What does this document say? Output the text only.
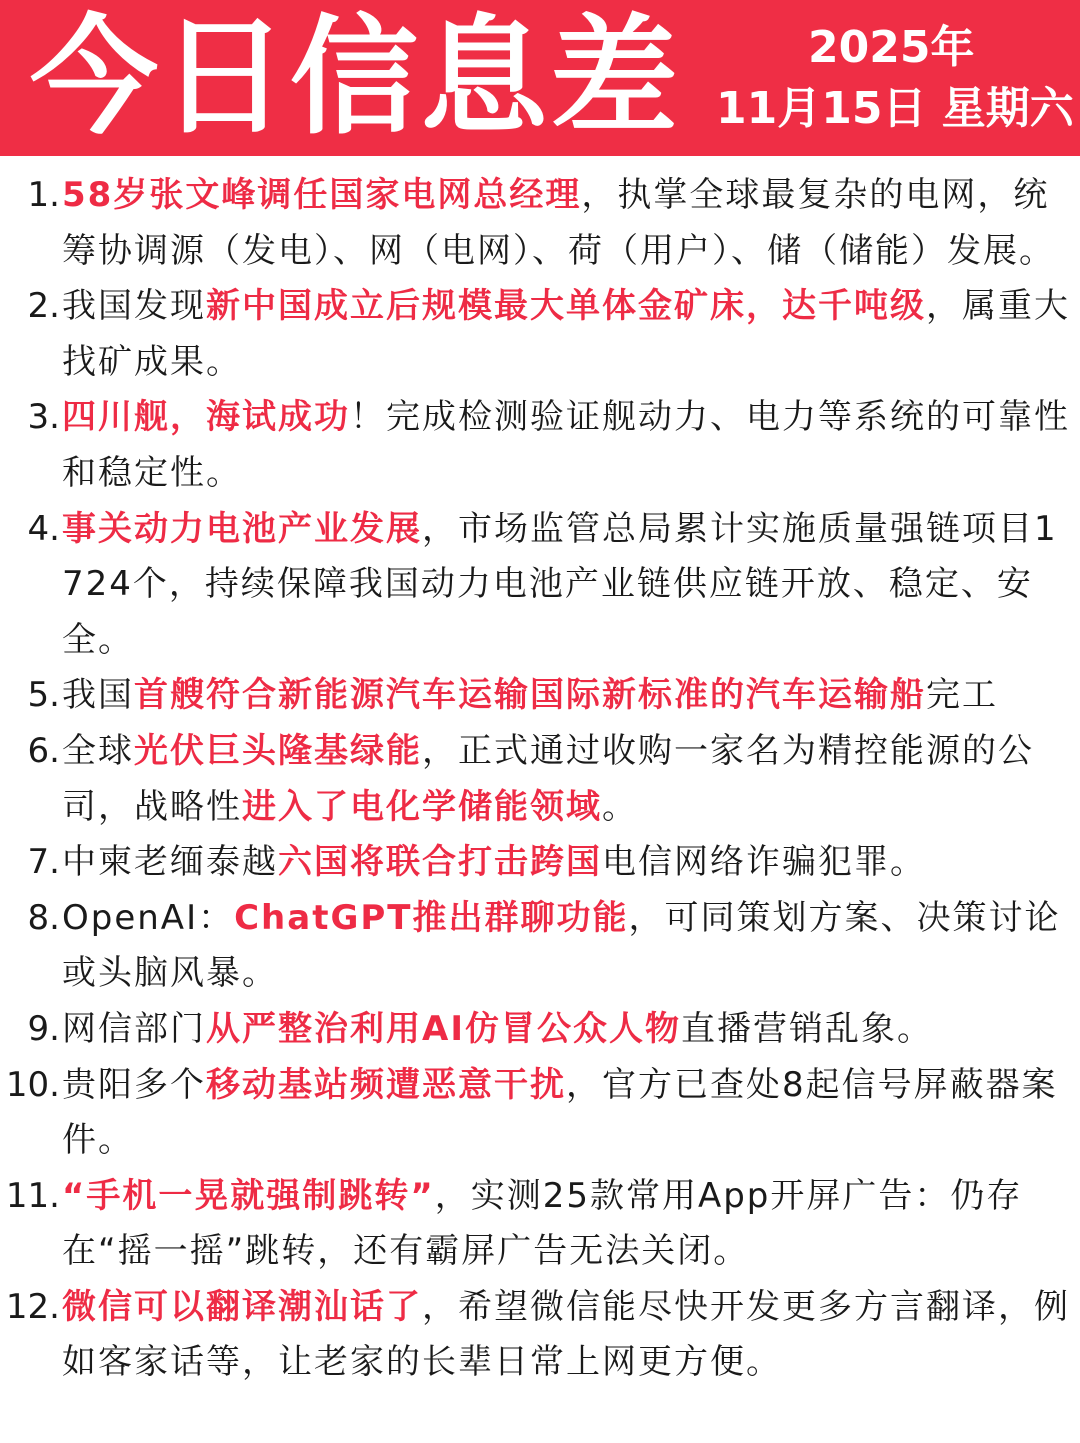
今日信息差	2025年
11月15日 星期六
1. 58岁张文峰调任国家电网总经理，执掌全球最复杂的电网，统筹协调源（发电）、网（电网）、荷（用户）、储（储能）发展。
2. 我国发现新中国成立后规模最大单体金矿床，达千吨级，属重大找矿成果。
3. 四川舰，海试成功！完成检测验证舰动力、电力等系统的可靠性和稳定性。
4. 事关动力电池产业发展，市场监管总局累计实施质量强链项目1724个，持续保障我国动力电池产业链供应链开放、稳定、安全。
5. 我国首艘符合新能源汽车运输国际新标准的汽车运输船完工
6. 全球光伏巨头隆基绿能，正式通过收购一家名为精控能源的公司，战略性进入了电化学储能领域。
7. 中柬老缅泰越六国将联合打击跨国电信网络诈骗犯罪。
8. OpenAI：ChatGPT推出群聊功能，可同策划方案、决策讨论或头脑风暴。
9. 网信部门从严整治利用AI仿冒公众人物直播营销乱象。
10. 贵阳多个移动基站频遭恶意干扰，官方已查处8起信号屏蔽器案件。
11. “手机一晃就强制跳转”，实测25款常用App开屏广告：仍存在“摇一摇”跳转，还有霸屏广告无法关闭。
12. 微信可以翻译潮汕话了，希望微信能尽快开发更多方言翻译，例如客家话等，让老家的长辈日常上网更方便。
